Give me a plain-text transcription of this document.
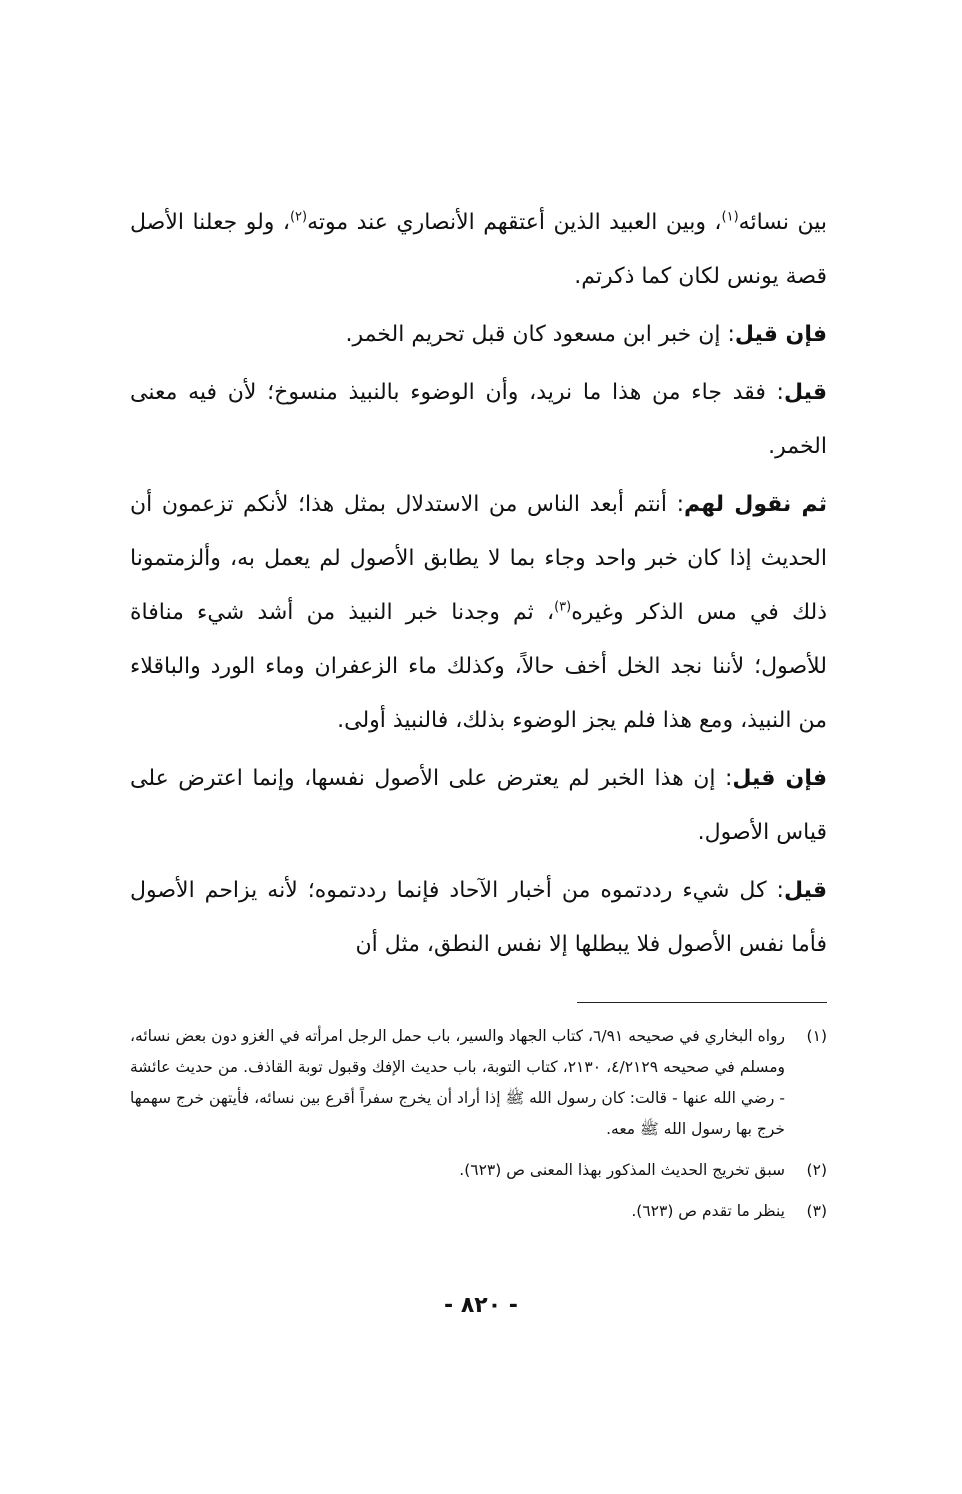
بين نسائه$^{(١)}$، وبين العبيد الذين أعتقهم الأنصاري عند موته$^{(٢)}$، ولو جعلنا الأصل قصة يونس لكان كما ذكرتم.

فإن قيل: إن خبر ابن مسعود كان قبل تحريم الخمر.

قيل: فقد جاء من هذا ما نريد، وأن الوضوء بالنبيذ منسوخ؛ لأن فيه معنى الخمر.

ثم نقول لهم: أنتم أبعد الناس من الاستدلال بمثل هذا؛ لأنكم تزعمون أن الحديث إذا كان خبر واحد وجاء بما لا يطابق الأصول لم يعمل به، وألزمتمونا ذلك في مس الذكر وغيره$^{(٣)}$، ثم وجدنا خبر النبيذ من أشد شيء منافاة للأصول؛ لأننا نجد الخل أخف حالاً، وكذلك ماء الزعفران وماء الورد والباقلاء من النبيذ، ومع هذا فلم يجز الوضوء بذلك، فالنبيذ أولى.

فإن قيل: إن هذا الخبر لم يعترض على الأصول نفسها، وإنما اعترض على قياس الأصول.

قيل: كل شيء رددتموه من أخبار الآحاد فإنما رددتموه؛ لأنه يزاحم الأصول فأما نفس الأصول فلا يبطلها إلا نفس النطق، مثل أن

(١)
رواه البخاري في صحيحه ٦/٩١، كتاب الجهاد والسير، باب حمل الرجل امرأته في الغزو دون بعض نسائه، ومسلم في صحيحه ٤/٢١٢٩، ٢١٣٠، كتاب التوبة، باب حديث الإفك وقبول توبة القاذف. من حديث عائشة - رضي الله عنها - قالت: كان رسول الله ﷺ إذا أراد أن يخرج سفراً أقرع بين نسائه، فأيتهن خرج سهمها خرج بها رسول الله ﷺ معه.
(٢)
سبق تخريج الحديث المذكور بهذا المعنى ص (٦٢٣).
(٣)
ينظر ما تقدم ص (٦٢٣).
- ٨٢٠ -
